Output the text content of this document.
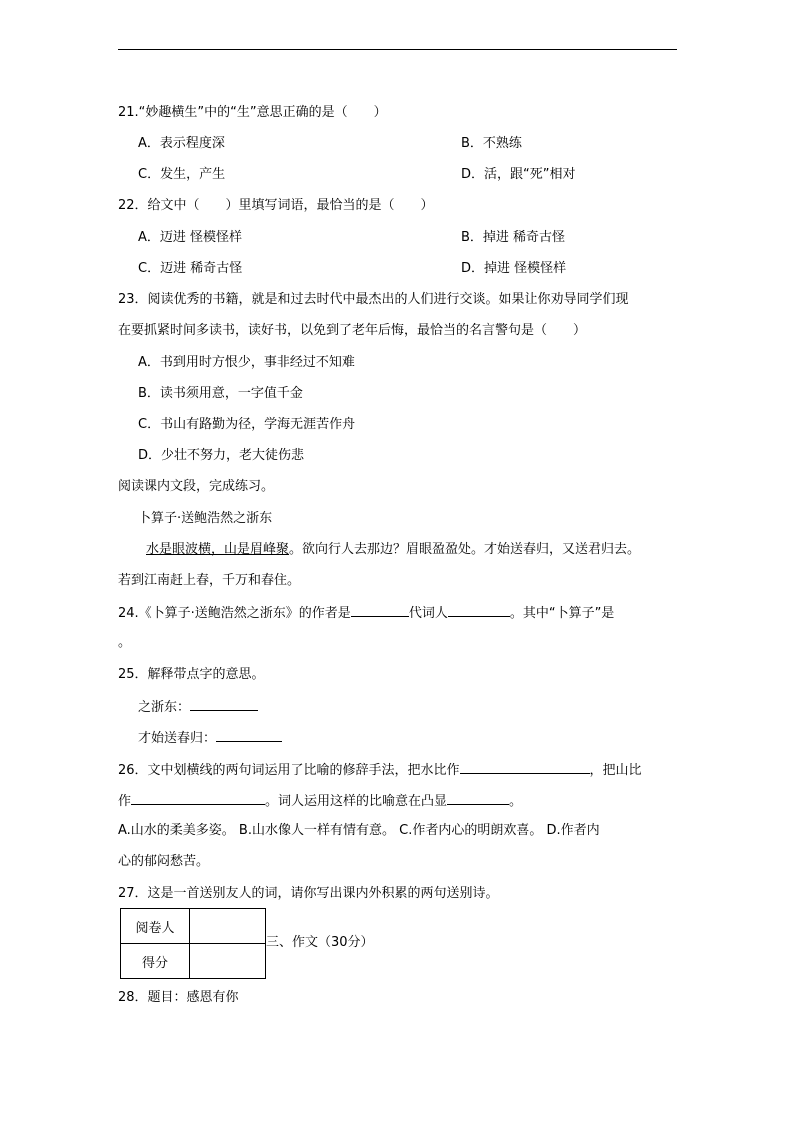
21.“妙趣横生”中的“生”意思正确的是（　　）
A．表示程度深	B．不熟练
C．发生，产生	D．活，跟“死”相对
22．给文中（　　）里填写词语，最恰当的是（　　）
A．迈进 怪模怪样	B．掉进 稀奇古怪
C．迈进 稀奇古怪	D．掉进 怪模怪样
23．阅读优秀的书籍，就是和过去时代中最杰出的人们进行交谈。如果让你劝导同学们现
在要抓紧时间多读书，读好书，以免到了老年后悔，最恰当的名言警句是（　　）
A．书到用时方恨少，事非经过不知难
B．读书须用意，一字值千金
C．书山有路勤为径，学海无涯苦作舟
D．少壮不努力，老大徒伤悲
阅读课内文段，完成练习。
卜算子·送鲍浩然之浙东
水是眼波横，山是眉峰聚。欲向行人去那边？眉眼盈盈处。才始送春归，又送君归去。
若到江南赶上春，千万和春住。
24.《卜算子·送鲍浩然之浙东》的作者是	代词人	。其中“卜算子”是
。
25．解释带点字的意思。
之浙东：
才始送春归：
26．文中划横线的两句词运用了比喻的修辞手法，把水比作	，把山比
作	。词人运用这样的比喻意在凸显	。
A.山水的柔美多姿。 B.山水像人一样有情有意。 C.作者内心的明朗欢喜。 D.作者内
心的郁闷愁苦。
27．这是一首送别友人的词，请你写出课内外积累的两句送别诗。
阅卷人	
得分	
三、作文（30分）
28．题目：感恩有你
